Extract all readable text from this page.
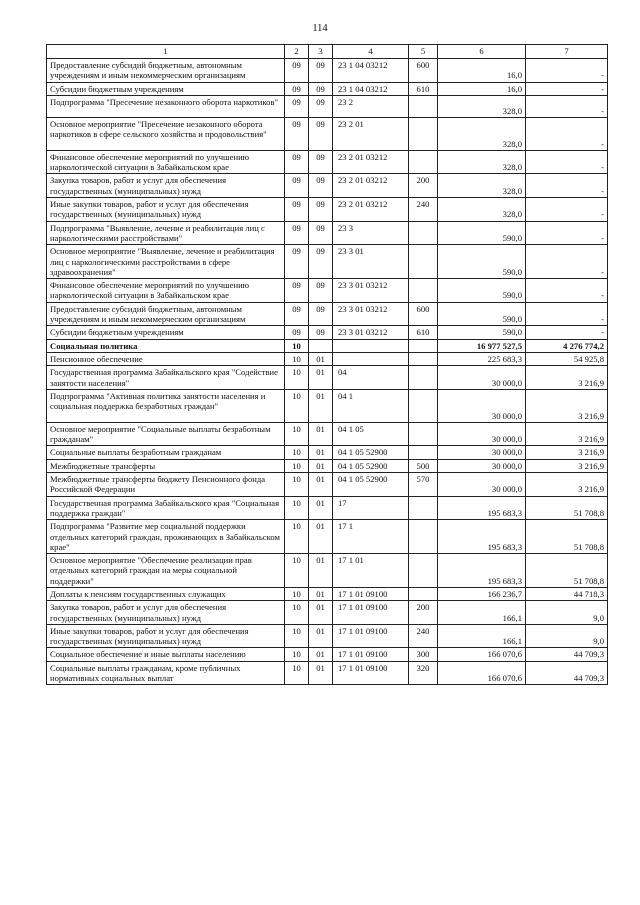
114
1	2	3	4	5	6	7
Предоставление субсидий бюджетным, автономным учреждениям и иным некоммерческим организациям	09	09	23 1 04 03212	600	16,0	-
Субсидии бюджетным учреждениям	09	09	23 1 04 03212	610	16,0	-
Подпрограмма "Пресечение незаконного оборота наркотиков"	09	09	23 2		328,0	-
Основное мероприятие "Пресечение незаконного оборота наркотиков в сфере сельского хозяйства и продовольствия"	09	09	23 2 01		328,0	-
Финансовое обеспечение мероприятий по улучшению наркологической ситуации в Забайкальском крае	09	09	23 2 01 03212		328,0	-
Закупка товаров, работ и услуг для обеспечения государственных (муниципальных) нужд	09	09	23 2 01 03212	200	328,0	-
Иные закупки товаров, работ и услуг для обеспечения государственных (муниципальных) нужд	09	09	23 2 01 03212	240	328,0	-
Подпрограмма "Выявление, лечение и реабилитация лиц с наркологическими расстройствами"	09	09	23 3		590,0	-
Основное мероприятие "Выявление, лечение и реабилитация лиц с наркологическими расстройствами в сфере здравоохранения"	09	09	23 3 01		590,0	-
Финансовое обеспечение мероприятий по улучшению наркологической ситуации в Забайкальском крае	09	09	23 3 01 03212		590,0	-
Предоставление субсидий бюджетным, автономным учреждениям и иным некоммерческим организациям	09	09	23 3 01 03212	600	590,0	-
Субсидии бюджетным учреждениям	09	09	23 3 01 03212	610	590,0	-
Социальная политика	10				16 977 527,5	4 276 774,2
Пенсионное обеспечение	10	01			225 683,3	54 925,8
Государственная программа Забайкальского края "Содействие занятости населения"	10	01	04		30 000,0	3 216,9
Подпрограмма "Активная политика занятости населения и социальная поддержка безработных граждан"	10	01	04 1		30 000,0	3 216,9
Основное мероприятие "Социальные выплаты безработным гражданам"	10	01	04 1 05		30 000,0	3 216,9
Социальные выплаты безработным гражданам	10	01	04 1 05 52900		30 000,0	3 216,9
Межбюджетные трансферты	10	01	04 1 05 52900	500	30 000,0	3 216,9
Межбюджетные трансферты бюджету Пенсионного фонда Российской Федерации	10	01	04 1 05 52900	570	30 000,0	3 216,9
Государственная программа Забайкальского края "Социальная поддержка граждан"	10	01	17		195 683,3	51 708,8
Подпрограмма "Развитие мер социальной поддержки отдельных категорий граждан, проживающих в Забайкальском крае"	10	01	17 1		195 683,3	51 708,8
Основное мероприятие "Обеспечение реализации прав отдельных категорий граждан на меры социальной поддержки"	10	01	17 1 01		195 683,3	51 708,8
Доплаты к пенсиям государственных служащих	10	01	17 1 01 09100		166 236,7	44 718,3
Закупка товаров, работ и услуг для обеспечения государственных (муниципальных) нужд	10	01	17 1 01 09100	200	166,1	9,0
Иные закупки товаров, работ и услуг для обеспечения государственных (муниципальных) нужд	10	01	17 1 01 09100	240	166,1	9,0
Социальное обеспечение и иные выплаты населению	10	01	17 1 01 09100	300	166 070,6	44 709,3
Социальные выплаты гражданам, кроме публичных нормативных социальных выплат	10	01	17 1 01 09100	320	166 070,6	44 709,3
